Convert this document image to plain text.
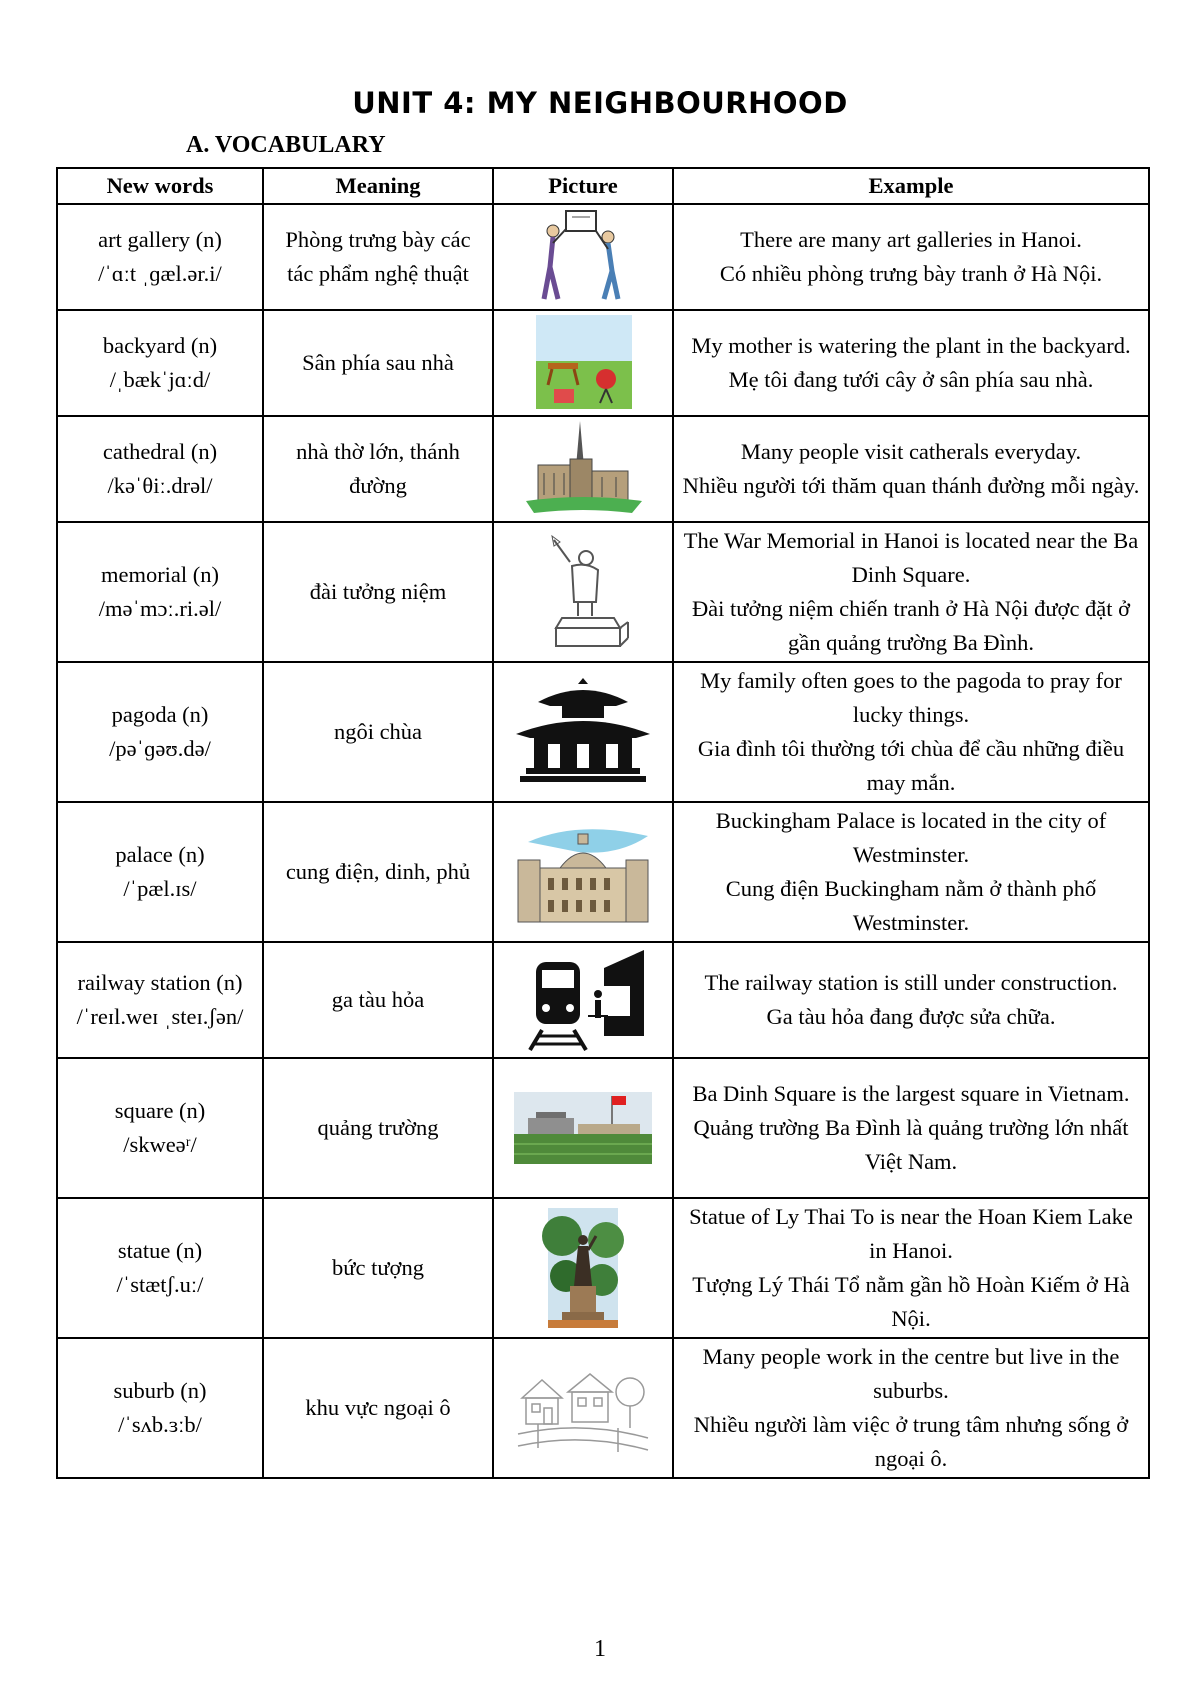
UNIT 4: MY NEIGHBOURHOOD
A. VOCABULARY
New words	Meaning	Picture	Example
art gallery (n)
/ˈɑːt ˌɡæl.ər.i/	Phòng trưng bày các tác phẩm nghệ thuật		There are many art galleries in Hanoi.
Có nhiều phòng trưng bày tranh ở Hà Nội.

backyard (n)
/ˌbækˈjɑːd/	Sân phía sau nhà		My mother is watering the plant in the backyard.
Mẹ tôi đang tưới cây ở sân phía sau nhà.

cathedral (n)
/kəˈθiː.drəl/	nhà thờ lớn, thánh đường		Many people visit catherals everyday.
Nhiều người tới thăm quan thánh đường mỗi ngày.

memorial (n)
/məˈmɔː.ri.əl/	đài tưởng niệm		The War Memorial in Hanoi is located near the Ba Dinh Square.
Đài tưởng niệm chiến tranh ở Hà Nội được đặt ở gần quảng trường Ba Đình.

pagoda (n)
/pəˈɡəʊ.də/	ngôi chùa		My family often goes to the pagoda to pray for lucky things.
Gia đình tôi thường tới chùa để cầu những điều may mắn.

palace (n)
/ˈpæl.ɪs/	cung điện, dinh, phủ		Buckingham Palace is located in the city of Westminster.
Cung điện Buckingham nằm ở thành phố Westminster.

railway station (n)
/ˈreɪl.weɪ ˌsteɪ.ʃən/	ga tàu hỏa		The railway station is still under construction.
Ga tàu hỏa đang được sửa chữa.

square (n)
/skweəʳ/	quảng trường		Ba Dinh Square is the largest square in Vietnam.
Quảng trường Ba Đình là quảng trường lớn nhất Việt Nam.

statue (n)
/ˈstætʃ.uː/	bức tượng		Statue of Ly Thai To is near the Hoan Kiem Lake in Hanoi.
Tượng Lý Thái Tổ nằm gần hồ Hoàn Kiếm ở Hà Nội.

suburb (n)
/ˈsʌb.ɜːb/	khu vực ngoại ô		Many people work in the centre but live in the suburbs.
Nhiều người làm việc ở trung tâm nhưng sống ở ngoại ô.
1
